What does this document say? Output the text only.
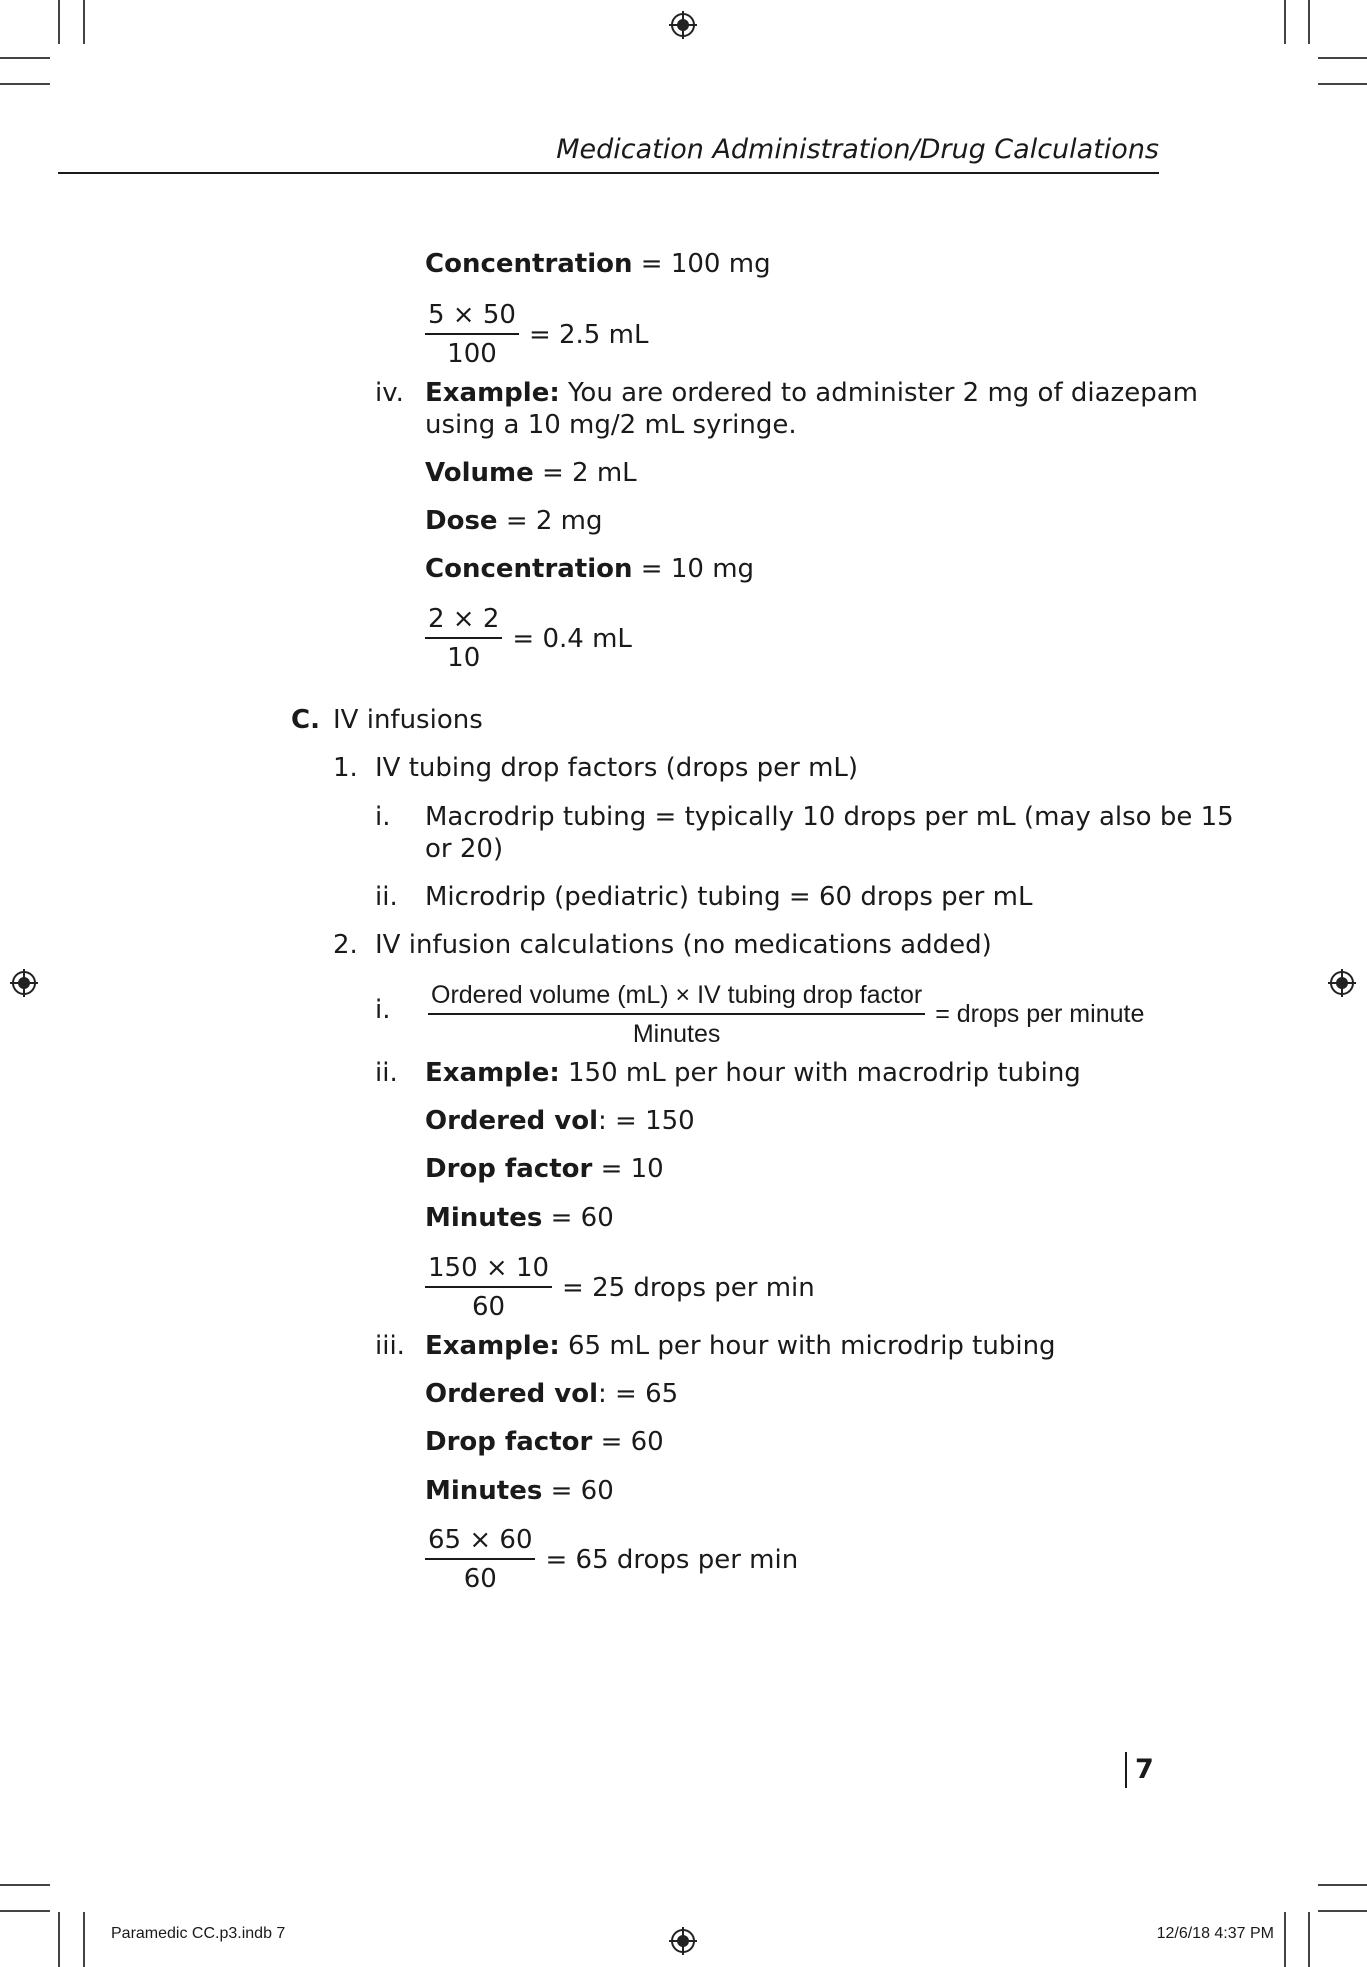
Medication Administration/Drug Calculations
Concentration = 100 mg
$\frac{5 \times 50}{100} = 2.5$ mL
iv. Example: You are ordered to administer 2 mg of diazepam
using a 10 mg/2 mL syringe.
Volume = 2 mL
Dose = 2 mg
Concentration = 10 mg
$\frac{2 \times 2}{10} = 0.4$ mL
C. IV infusions
1. IV tubing drop factors (drops per mL)
i. Macrodrip tubing = typically 10 drops per mL (may also be 15
or 20)
ii. Microdrip (pediatric) tubing = 60 drops per mL
2. IV infusion calculations (no medications added)
i. $\frac{\text{Ordered volume (mL) × IV tubing drop factor}}{\text{Minutes}}$ = drops per minute
ii. Example: 150 mL per hour with macrodrip tubing
Ordered vol: = 150
Drop factor = 10
Minutes = 60
$\frac{150 \times 10}{60} = 25$ drops per min
iii. Example: 65 mL per hour with microdrip tubing
Ordered vol: = 65
Drop factor = 60
Minutes = 60
$\frac{65 \times 60}{60} = 65$ drops per min
7
Paramedic CC.p3.indb 7	12/6/18 4:37 PM
